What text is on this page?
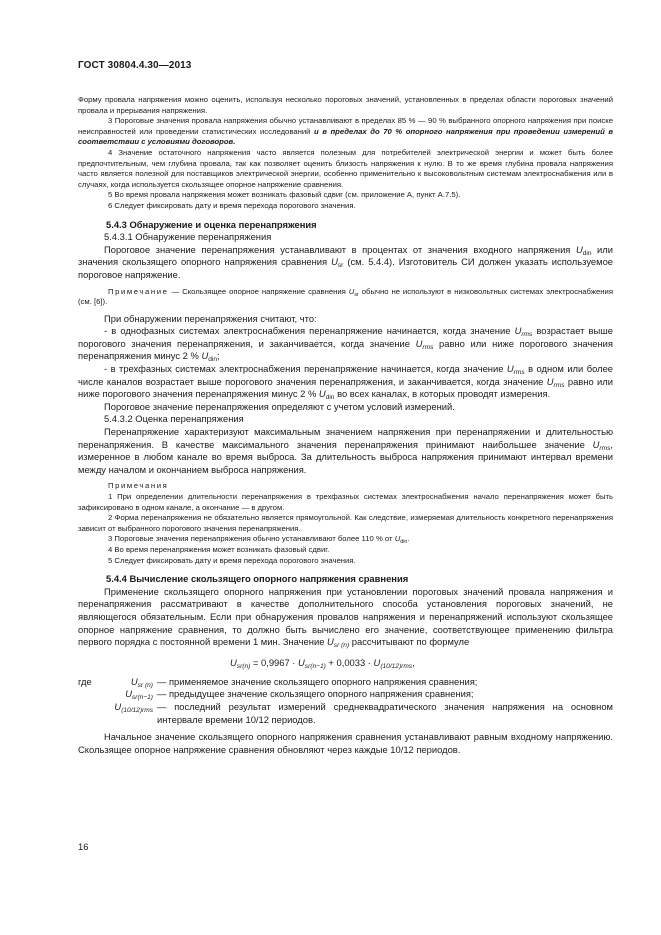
ГОСТ 30804.4.30—2013

Форму провала напряжения можно оценить, используя несколько пороговых значений, установленных в пределах области пороговых значений провала и прерывания напряжения.

3 Пороговые значения провала напряжения обычно устанавливают в пределах 85 % — 90 % выбранного опорного напряжения при поиске неисправностей или проведении статистических исследований и в пределах до 70 % опорного напряжения при проведении измерений в соответствии с условиями договоров.

4 Значение остаточного напряжения часто является полезным для потребителей электрической энергии и может быть более предпочтительным, чем глубина провала, так как позволяет оценить близость напряжения к нулю. В то же время глубина провала напряжения часто является полезной для поставщиков электрической энергии, особенно применительно к высоковольтным системам электроснабжения или в случаях, когда используется скользящее опорное напряжение сравнения.

5 Во время провала напряжения может возникать фазовый сдвиг (см. приложение А, пункт А.7.5).

6 Следует фиксировать дату и время перехода порогового значения.

5.4.3 Обнаружение и оценка перенапряжения

5.4.3.1 Обнаружение перенапряжения

Пороговое значение перенапряжения устанавливают в процентах от значения входного напряжения $U_{din}$ или значения скользящего опорного напряжения сравнения $U_{sr}$ (см. 5.4.4). Изготовитель СИ должен указать используемое пороговое напряжение.

Примечание — Скользящее опорное напряжение сравнения $U_{sr}$ обычно не используют в низковольтных системах электроснабжения (см. [6]).

При обнаружении перенапряжения считают, что:

- в однофазных системах электроснабжения перенапряжение начинается, когда значение $U_{rms}$ возрастает выше порогового значения перенапряжения, и заканчивается, когда значение $U_{rms}$ равно или ниже порогового значения перенапряжения минус 2 % $U_{din}$;

- в трехфазных системах электроснабжения перенапряжение начинается, когда значение $U_{rms}$ в одном или более числе каналов возрастает выше порогового значения перенапряжения, и заканчивается, когда значение $U_{rms}$ равно или ниже порогового значения перенапряжения минус 2 % $U_{din}$ во всех каналах, в которых проводят измерения.

Пороговое значение перенапряжения определяют с учетом условий измерений.

5.4.3.2 Оценка перенапряжения

Перенапряжение характеризуют максимальным значением напряжения при перенапряжении и длительностью перенапряжения. В качестве максимального значения перенапряжения принимают наибольшее значение $U_{rms}$, измеренное в любом канале во время выброса. За длительность выброса напряжения принимают интервал времени между началом и окончанием выброса напряжения.

Примечания

1 При определении длительности перенапряжения в трехфазных системах электроснабжения начало перенапряжения может быть зафиксировано в одном канале, а окончание — в другом.

2 Форма перенапряжения не обязательно является прямоугольной. Как следствие, измеряемая длительность конкретного перенапряжения зависит от выбранного порогового значения перенапряжения.

3 Пороговые значения перенапряжения обычно устанавливают более 110 % от $U_{din}$.

4 Во время перенапряжения может возникать фазовый сдвиг.

5 Следует фиксировать дату и время перехода порогового значения.

5.4.4 Вычисление скользящего опорного напряжения сравнения

Применение скользящего опорного напряжения при установлении пороговых значений провала напряжения и перенапряжения рассматривают в качестве дополнительного способа установления пороговых значений, не являющегося обязательным. Если при обнаружения провалов напряжения и перенапряжений используют скользящее опорное напряжение сравнения, то должно быть вычислено его значение, соответствующее применению фильтра первого порядка с постоянной времени 1 мин. Значение $U_{sr (n)}$ рассчитывают по формуле

$U_{sr(n)} = 0,9967 \cdot U_{sr(n-1)} + 0,0033 \cdot U_{(10/12)rms}$,
где	$U_{sr (n)}$ — применяемое значение скользящего опорного напряжения сравнения;
$U_{sr(n-1)}$ — предыдущее значение скользящего опорного напряжения сравнения;
$U_{(10/12)rms}$ — последний результат измерений среднеквадратического значения напряжения на основном интервале времени 10/12 периодов.

Начальное значение скользящего опорного напряжения сравнения устанавливают равным входному напряжению. Скользящее опорное напряжение сравнения обновляют через каждые 10/12 периодов.

16
